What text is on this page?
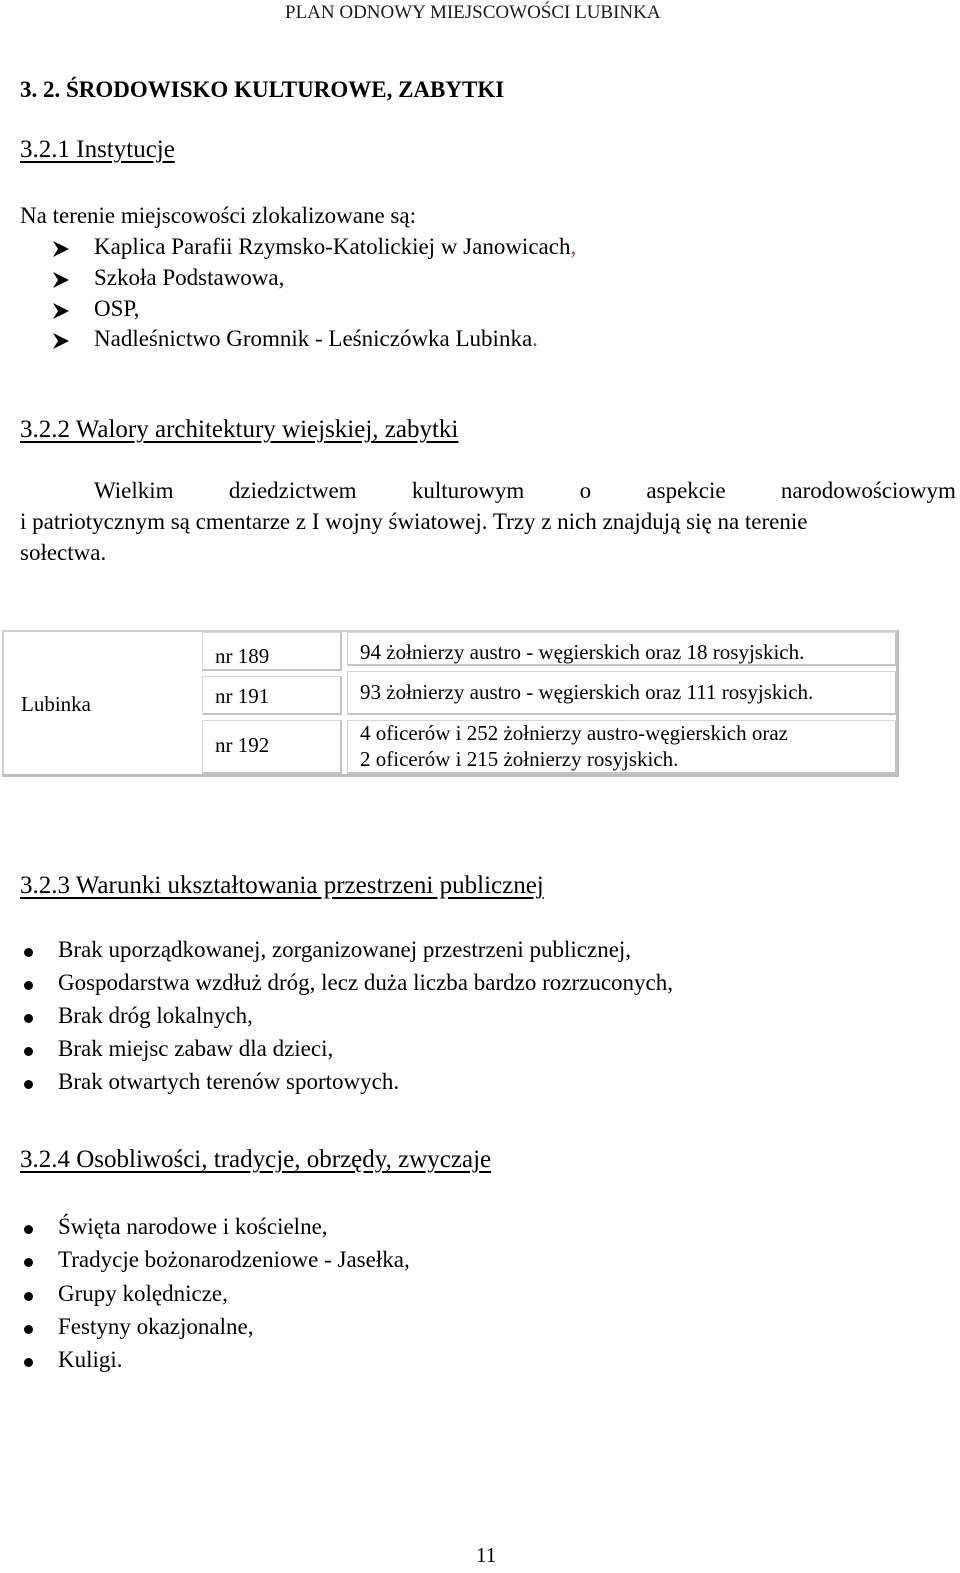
PLAN ODNOWY MIEJSCOWOŚCI LUBINKA
3. 2. ŚRODOWISKO KULTUROWE, ZABYTKI
3.2.1 Instytucje
Na terenie miejscowości zlokalizowane są:
Kaplica Parafii Rzymsko-Katolickiej w Janowicach,
Szkoła Podstawowa,
OSP,
Nadleśnictwo Gromnik - Leśniczówka Lubinka.
3.2.2 Walory architektury wiejskiej, zabytki
Wielkim dziedzictwem kulturowym o aspekcie narodowościowym
i patriotycznym są cmentarze z I wojny światowej. Trzy z nich znajdują się na terenie
sołectwa.
Lubinka
nr 189	94 żołnierzy austro - węgierskich oraz 18 rosyjskich.
nr 191	93 żołnierzy austro - węgierskich oraz 111 rosyjskich.
nr 192	4 oficerów i 252 żołnierzy austro-węgierskich oraz
2 oficerów i 215 żołnierzy rosyjskich.
3.2.3 Warunki ukształtowania przestrzeni publicznej
Brak uporządkowanej, zorganizowanej przestrzeni publicznej,
Gospodarstwa wzdłuż dróg, lecz duża liczba bardzo rozrzuconych,
Brak dróg lokalnych,
Brak miejsc zabaw dla dzieci,
Brak otwartych terenów sportowych.
3.2.4 Osobliwości, tradycje, obrzędy, zwyczaje
Święta narodowe i kościelne,
Tradycje bożonarodzeniowe - Jasełka,
Grupy kolędnicze,
Festyny okazjonalne,
Kuligi.
11
